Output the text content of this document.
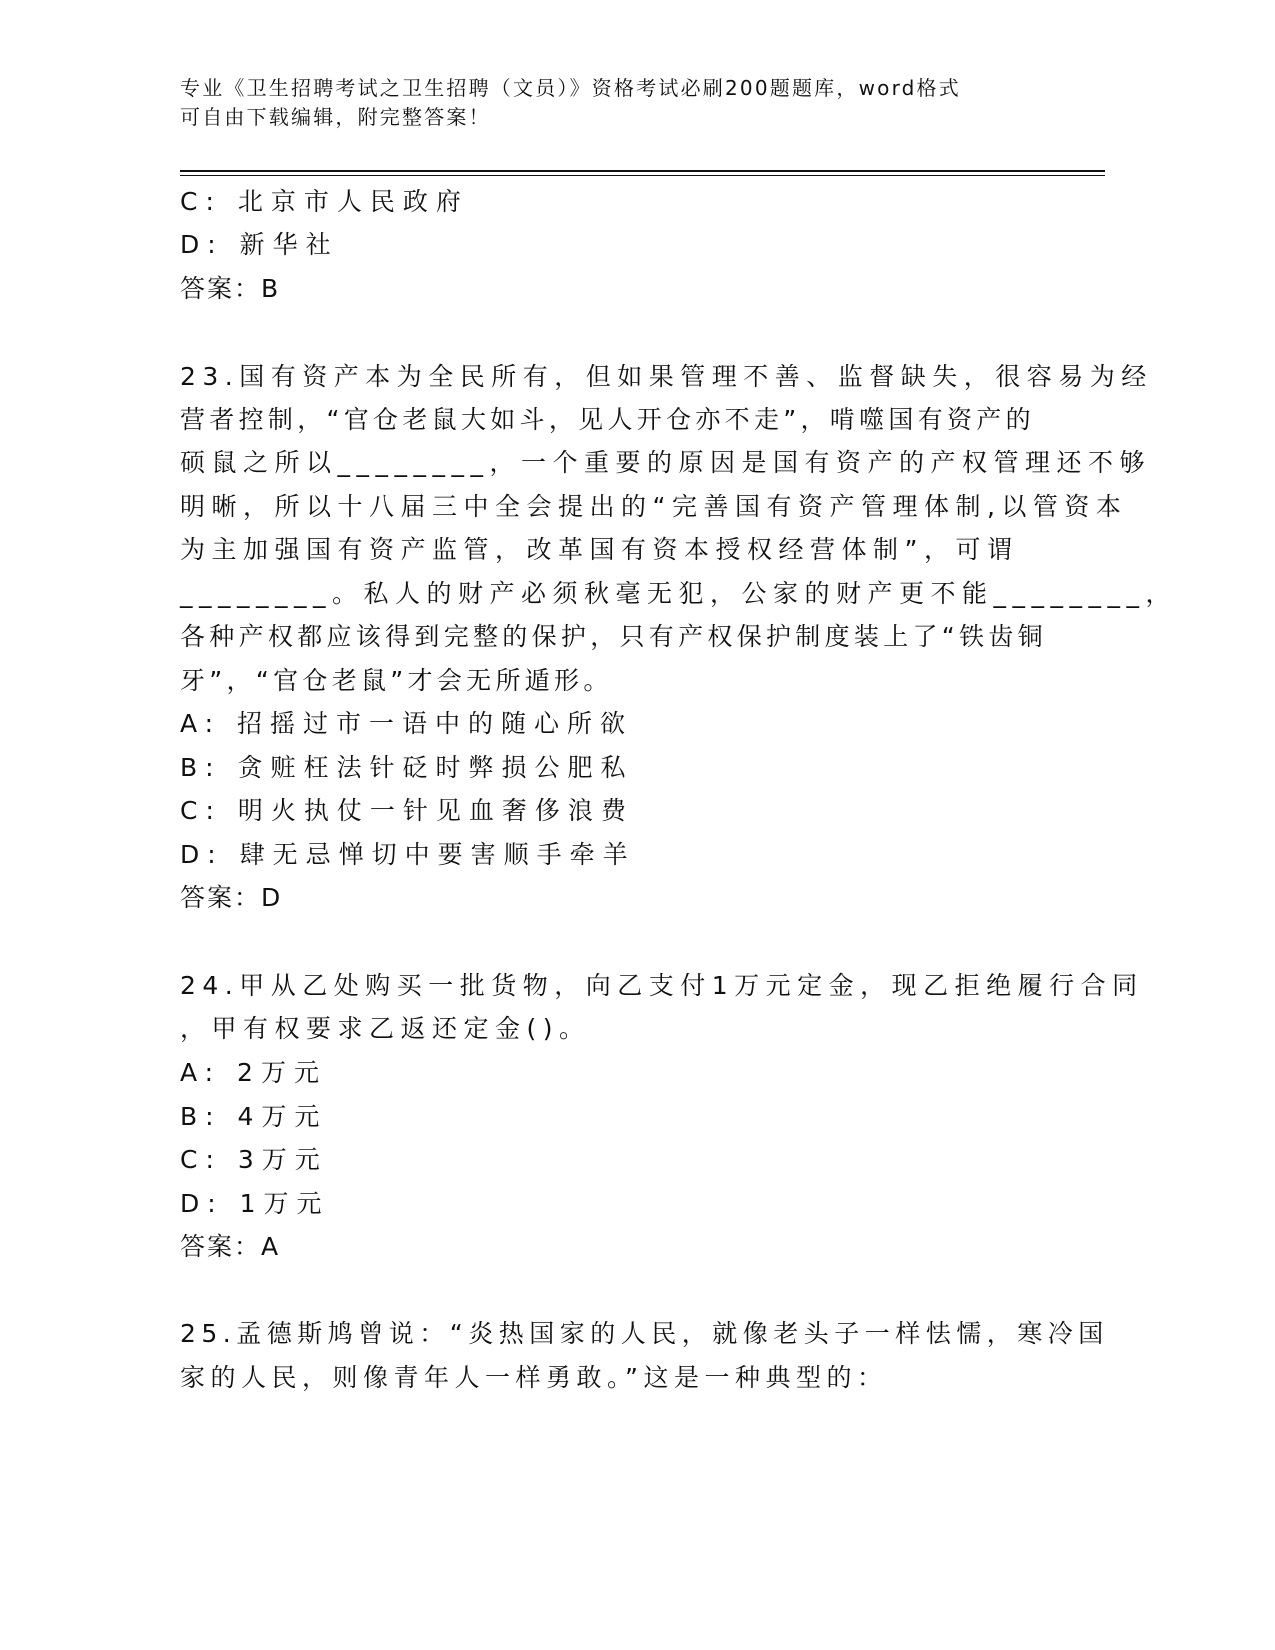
专业《卫生招聘考试之卫生招聘（文员）》资格考试必刷200题题库，word格式
可自由下载编辑，附完整答案！
C: 北京市人民政府
D: 新华社
答案：B
23.国有资产本为全民所有，但如果管理不善、监督缺失，很容易为经
营者控制，“官仓老鼠大如斗，见人开仓亦不走”，啃噬国有资产的
硕鼠之所以________，一个重要的原因是国有资产的产权管理还不够
明晰，所以十八届三中全会提出的“完善国有资产管理体制,以管资本
为主加强国有资产监管，改革国有资本授权经营体制”，可谓
________。私人的财产必须秋毫无犯，公家的财产更不能________，
各种产权都应该得到完整的保护，只有产权保护制度装上了“铁齿铜
牙”，“官仓老鼠”才会无所遁形。
A: 招摇过市一语中的随心所欲
B: 贪赃枉法针砭时弊损公肥私
C: 明火执仗一针见血奢侈浪费
D: 肆无忌惮切中要害顺手牵羊
答案：D
24.甲从乙处购买一批货物，向乙支付1万元定金，现乙拒绝履行合同
，甲有权要求乙返还定金()。
A: 2万元
B: 4万元
C: 3万元
D: 1万元
答案：A
25.孟德斯鸠曾说：“炎热国家的人民，就像老头子一样怯懦，寒冷国
家的人民，则像青年人一样勇敢。”这是一种典型的：
